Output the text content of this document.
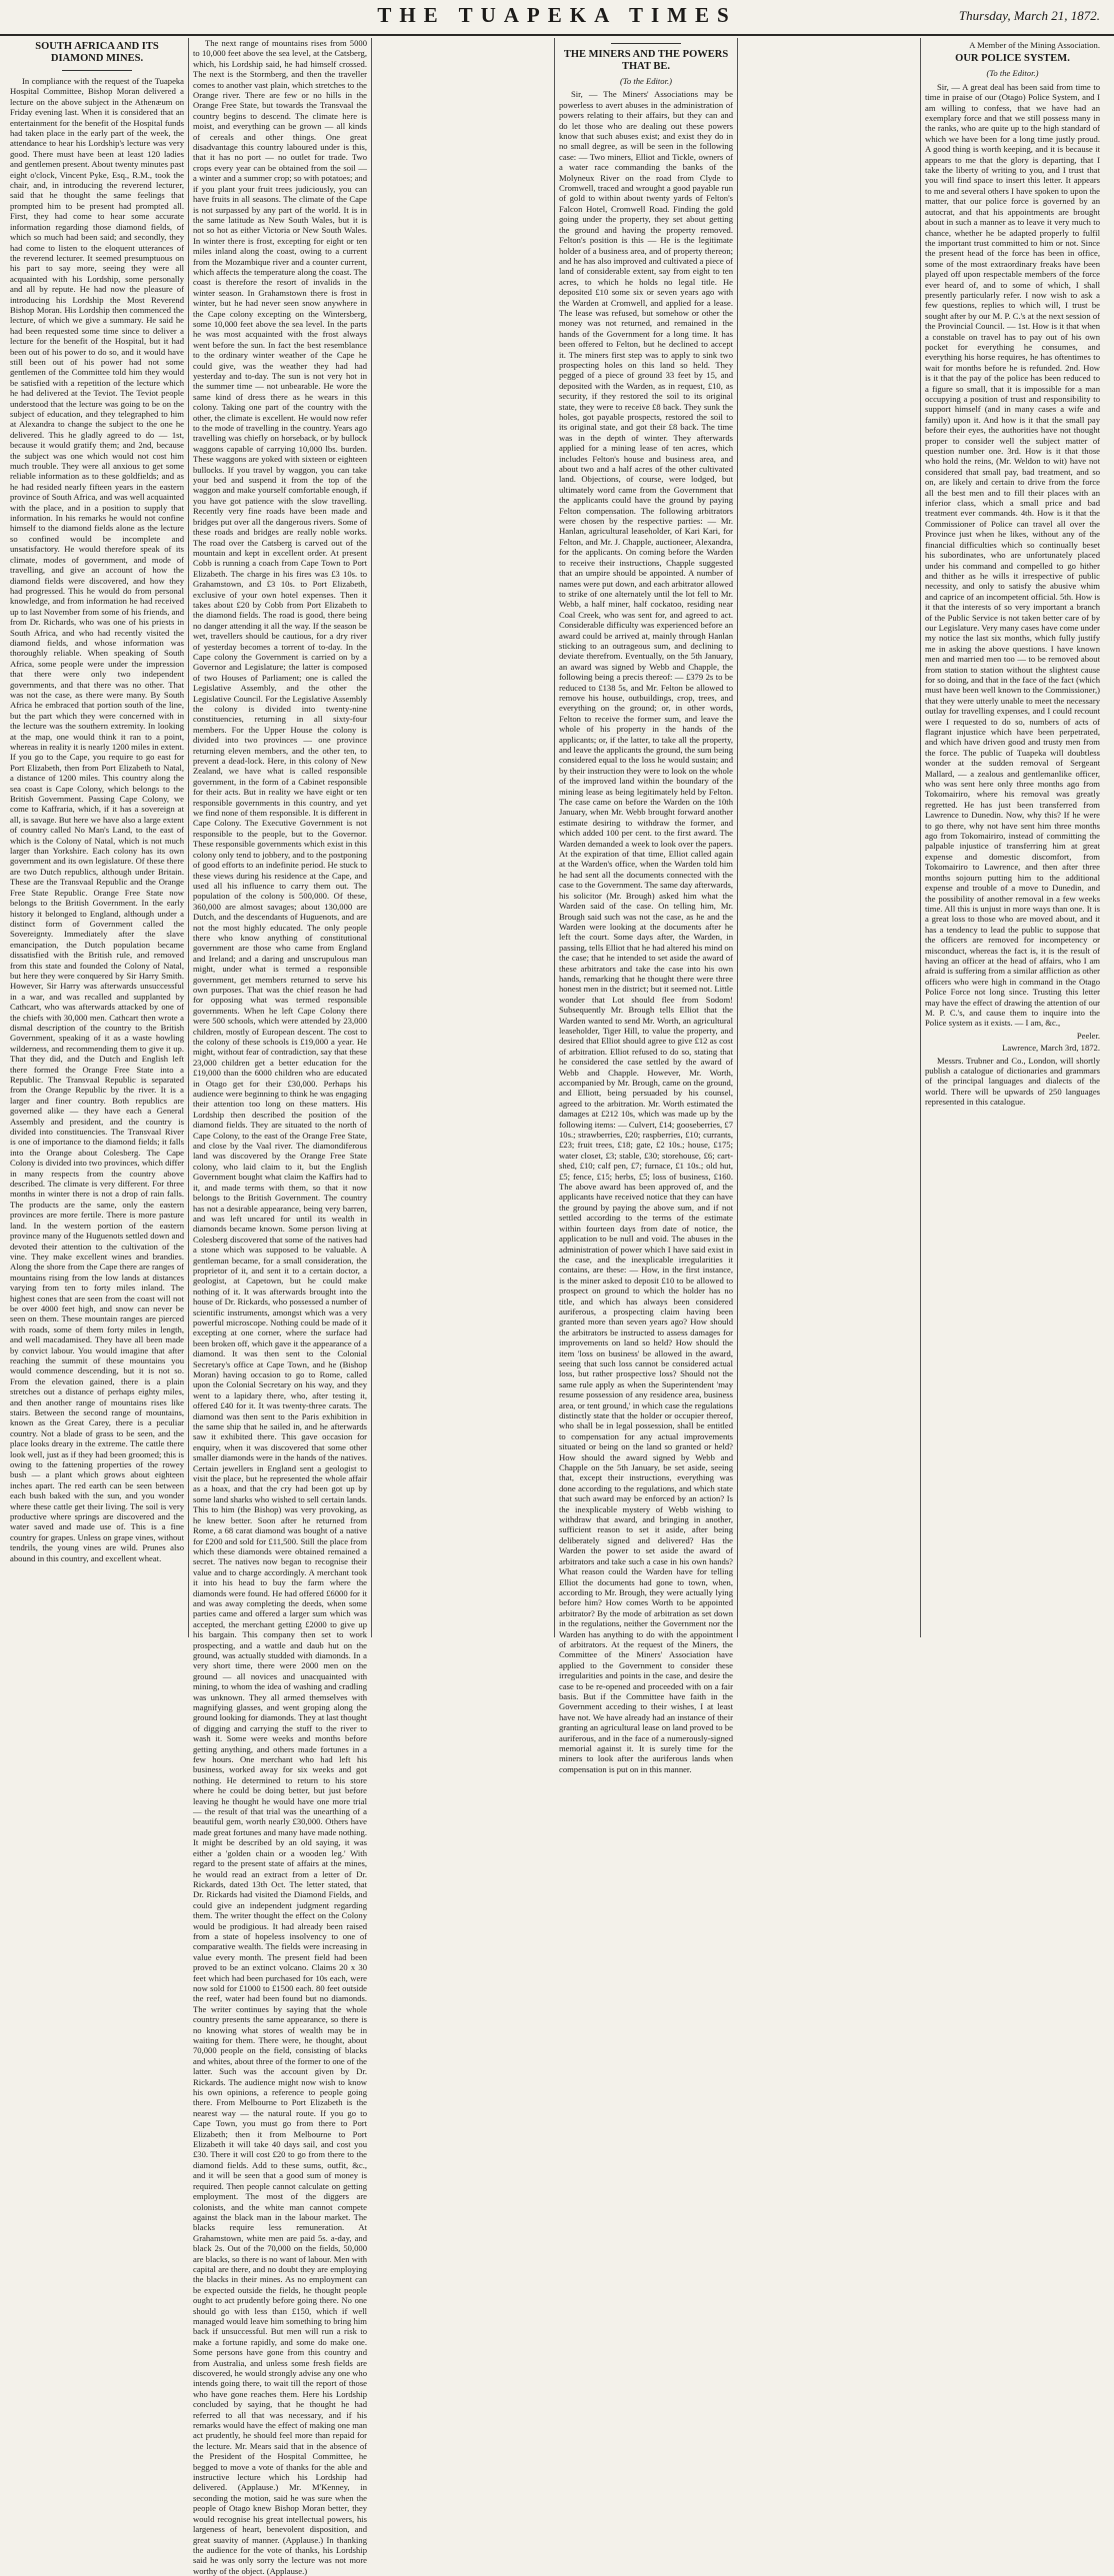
THE TUAPEKA TIMES	Thursday, March 21, 1872.
SOUTH AFRICA AND ITS DIAMOND MINES.

In compliance with the request of the Tuapeka Hospital Committee, Bishop Moran delivered a lecture on the above subject in the Athenæum on Friday evening last. When it is considered that an entertainment for the benefit of the Hospital funds had taken place in the early part of the week, the attendance to hear his Lordship's lecture was very good. There must have been at least 120 ladies and gentlemen present. About twenty minutes past eight o'clock, Vincent Pyke, Esq., R.M., took the chair, and, in introducing the reverend lecturer, said that he thought the same feelings that prompted him to be present had prompted all. First, they had come to hear some accurate information regarding those diamond fields, of which so much had been said; and secondly, they had come to listen to the eloquent utterances of the reverend lecturer. It seemed presumptuous on his part to say more, seeing they were all acquainted with his Lordship, some personally and all by repute. He had now the pleasure of introducing his Lordship the Most Reverend Bishop Moran. His Lordship then commenced the lecture, of which we give a summary. He said he had been requested some time since to deliver a lecture for the benefit of the Hospital, but it had been out of his power to do so, and it would have still been out of his power had not some gentlemen of the Committee told him they would be satisfied with a repetition of the lecture which he had delivered at the Teviot. The Teviot people understood that the lecture was going to be on the subject of education, and they telegraphed to him at Alexandra to change the subject to the one he delivered. This he gladly agreed to do — 1st, because it would gratify them; and 2nd, because the subject was one which would not cost him much trouble. They were all anxious to get some reliable information as to these goldfields; and as he had resided nearly fifteen years in the eastern province of South Africa, and was well acquainted with the place, and in a position to supply that information. In his remarks he would not confine himself to the diamond fields alone as the lecture so confined would be incomplete and unsatisfactory. He would therefore speak of its climate, modes of government, and mode of travelling, and give an account of how the diamond fields were discovered, and how they had progressed. This he would do from personal knowledge, and from information he had received up to last November from some of his friends, and from Dr. Richards, who was one of his priests in South Africa, and who had recently visited the diamond fields, and whose information was thoroughly reliable. When speaking of South Africa, some people were under the impression that there were only two independent governments, and that there was no other. That was not the case, as there were many. By South Africa he embraced that portion south of the line, but the part which they were concerned with in the lecture was the southern extremity. In looking at the map, one would think it ran to a point, whereas in reality it is nearly 1200 miles in extent. If you go to the Cape, you require to go east for Port Elizabeth, then from Port Elizabeth to Natal, a distance of 1200 miles. This country along the sea coast is Cape Colony, which belongs to the British Government. Passing Cape Colony, we come to Kaffraria, which, if it has a sovereign at all, is savage. But here we have also a large extent of country called No Man's Land, to the east of which is the Colony of Natal, which is not much larger than Yorkshire. Each colony has its own government and its own legislature. Of these there are two Dutch republics, although under Britain. These are the Transvaal Republic and the Orange Free State Republic. Orange Free State now belongs to the British Government. In the early history it belonged to England, although under a distinct form of Government called the Sovereignty. Immediately after the slave emancipation, the Dutch population became dissatisfied with the British rule, and removed from this state and founded the Colony of Natal, but here they were conquered by Sir Harry Smith. However, Sir Harry was afterwards unsuccessful in a war, and was recalled and supplanted by Cathcart, who was afterwards attacked by one of the chiefs with 30,000 men. Cathcart then wrote a dismal description of the country to the British Government, speaking of it as a waste howling wilderness, and recommending them to give it up. That they did, and the Dutch and English left there formed the Orange Free State into a Republic. The Transvaal Republic is separated from the Orange Republic by the river. It is a larger and finer country. Both republics are governed alike — they have each a General Assembly and president, and the country is divided into constituencies. The Transvaal River is one of importance to the diamond fields; it falls into the Orange about Colesberg. The Cape Colony is divided into two provinces, which differ in many respects from the country above described. The climate is very different. For three months in winter there is not a drop of rain falls. The products are the same, only the eastern provinces are more fertile. There is more pasture land. In the western portion of the eastern province many of the Huguenots settled down and devoted their attention to the cultivation of the vine. They make excellent wines and brandies. Along the shore from the Cape there are ranges of mountains rising from the low lands at distances varying from ten to forty miles inland. The highest cones that are seen from the coast will not be over 4000 feet high, and snow can never be seen on them. These mountain ranges are pierced with roads, some of them forty miles in length, and well macadamised. They have all been made by convict labour. You would imagine that after reaching the summit of these mountains you would commence descending, but it is not so. From the elevation gained, there is a plain stretches out a distance of perhaps eighty miles, and then another range of mountains rises like stairs. Between the second range of mountains, known as the Great Carey, there is a peculiar country. Not a blade of grass to be seen, and the place looks dreary in the extreme. The cattle there look well, just as if they had been groomed; this is owing to the fattening properties of the rowey bush — a plant which grows about eighteen inches apart. The red earth can be seen between each bush baked with the sun, and you wonder where these cattle get their living. The soil is very productive where springs are discovered and the water saved and made use of. This is a fine country for grapes. Unless on grape vines, without tendrils, the young vines are wild. Prunes also abound in this country, and excellent wheat.

The next range of mountains rises from 5000 to 10,000 feet above the sea level, at the Catsberg, which, his Lordship said, he had himself crossed. The next is the Stormberg, and then the traveller comes to another vast plain, which stretches to the Orange river. There are few or no hills in the Orange Free State, but towards the Transvaal the country begins to descend. The climate here is moist, and everything can be grown — all kinds of cereals and other things. One great disadvantage this country laboured under is this, that it has no port — no outlet for trade. Two crops every year can be obtained from the soil — a winter and a summer crop; so with potatoes; and if you plant your fruit trees judiciously, you can have fruits in all seasons. The climate of the Cape is not surpassed by any part of the world. It is in the same latitude as New South Wales, but it is not so hot as either Victoria or New South Wales. In winter there is frost, excepting for eight or ten miles inland along the coast, owing to a current from the Mozambique river and a counter current, which affects the temperature along the coast. The coast is therefore the resort of invalids in the winter season. In Grahamstown there is frost in winter, but he had never seen snow anywhere in the Cape colony excepting on the Wintersberg, some 10,000 feet above the sea level. In the parts he was most acquainted with the frost always went before the sun. In fact the best resemblance to the ordinary winter weather of the Cape he could give, was the weather they had had yesterday and to-day. The sun is not very hot in the summer time — not unbearable. He wore the same kind of dress there as he wears in this colony. Taking one part of the country with the other, the climate is excellent. He would now refer to the mode of travelling in the country. Years ago travelling was chiefly on horseback, or by bullock waggons capable of carrying 10,000 lbs. burden. These waggons are yoked with sixteen or eighteen bullocks. If you travel by waggon, you can take your bed and suspend it from the top of the waggon and make yourself comfortable enough, if you have got patience with the slow travelling. Recently very fine roads have been made and bridges put over all the dangerous rivers. Some of these roads and bridges are really noble works. The road over the Catsberg is carved out of the mountain and kept in excellent order. At present Cobb is running a coach from Cape Town to Port Elizabeth. The charge in his fires was £3 10s. to Grahamstown, and £3 10s. to Port Elizabeth, exclusive of your own hotel expenses. Then it takes about £20 by Cobb from Port Elizabeth to the diamond fields. The road is good, there being no danger attending it all the way. If the season be wet, travellers should be cautious, for a dry river of yesterday becomes a torrent of to-day. In the Cape colony the Government is carried on by a Governor and Legislature; the latter is composed of two Houses of Parliament; one is called the Legislative Assembly, and the other the Legislative Council. For the Legislative Assembly the colony is divided into twenty-nine constituencies, returning in all sixty-four members. For the Upper House the colony is divided into two provinces — one province returning eleven members, and the other ten, to prevent a dead-lock. Here, in this colony of New Zealand, we have what is called responsible government, in the form of a Cabinet responsible for their acts. But in reality we have eight or ten responsible governments in this country, and yet we find none of them responsible. It is different in Cape Colony. The Executive Government is not responsible to the people, but to the Governor. These responsible governments which exist in this colony only tend to jobbery, and to the postponing of good efforts to an indefinite period. He stuck to these views during his residence at the Cape, and used all his influence to carry them out. The population of the colony is 500,000. Of these, 360,000 are almost savages; about 130,000 are Dutch, and the descendants of Huguenots, and are not the most highly educated. The only people there who know anything of constitutional government are those who came from England and Ireland; and a daring and unscrupulous man might, under what is termed a responsible government, get members returned to serve his own purposes. That was the chief reason he had for opposing what was termed responsible governments. When he left Cape Colony there were 500 schools, which were attended by 23,000 children, mostly of European descent. The cost to the colony of these schools is £19,000 a year. He might, without fear of contradiction, say that these 23,000 children get a better education for the £19,000 than the 6000 children who are educated in Otago get for their £30,000. Perhaps his audience were beginning to think he was engaging their attention too long on these matters. His Lordship then described the position of the diamond fields. They are situated to the north of Cape Colony, to the east of the Orange Free State, and close by the Vaal river. The diamondiferous land was discovered by the Orange Free State colony, who laid claim to it, but the English Government bought what claim the Kaffirs had to it, and made terms with them, so that it now belongs to the British Government. The country has not a desirable appearance, being very barren, and was left uncared for until its wealth in diamonds became known. Some person living at Colesberg discovered that some of the natives had a stone which was supposed to be valuable. A gentleman became, for a small consideration, the proprietor of it, and sent it to a certain doctor, a geologist, at Capetown, but he could make nothing of it. It was afterwards brought into the house of Dr. Rickards, who possessed a number of scientific instruments, amongst which was a very powerful microscope. Nothing could be made of it excepting at one corner, where the surface had been broken off, which gave it the appearance of a diamond. It was then sent to the Colonial Secretary's office at Cape Town, and he (Bishop Moran) having occasion to go to Rome, called upon the Colonial Secretary on his way, and they went to a lapidary there, who, after testing it, offered £40 for it. It was twenty-three carats. The diamond was then sent to the Paris exhibition in the same ship that he sailed in, and he afterwards saw it exhibited there. This gave occasion for enquiry, when it was discovered that some other smaller diamonds were in the hands of the natives. Certain jewellers in England sent a geologist to visit the place, but he represented the whole affair as a hoax, and that the cry had been got up by some land sharks who wished to sell certain lands. This to him (the Bishop) was very provoking, as he knew better. Soon after he returned from Rome, a 68 carat diamond was bought of a native for £200 and sold for £11,500. Still the place from which these diamonds were obtained remained a secret. The natives now began to recognise their value and to charge accordingly. A merchant took it into his head to buy the farm where the diamonds were found. He had offered £6000 for it and was away completing the deeds, when some parties came and offered a larger sum which was accepted, the merchant getting £2000 to give up his bargain. This company then set to work prospecting, and a wattle and daub hut on the ground, was actually studded with diamonds. In a very short time, there were 2000 men on the ground — all novices and unacquainted with mining, to whom the idea of washing and cradling was unknown. They all armed themselves with magnifying glasses, and went groping along the ground looking for diamonds. They at last thought of digging and carrying the stuff to the river to wash it. Some were weeks and months before getting anything, and others made fortunes in a few hours. One merchant who had left his business, worked away for six weeks and got nothing. He determined to return to his store where he could be doing better, but just before leaving he thought he would have one more trial — the result of that trial was the unearthing of a beautiful gem, worth nearly £30,000. Others have made great fortunes and many have made nothing. It might be described by an old saying, it was either a 'golden chain or a wooden leg.' With regard to the present state of affairs at the mines, he would read an extract from a letter of Dr. Rickards, dated 13th Oct. The letter stated, that Dr. Rickards had visited the Diamond Fields, and could give an independent judgment regarding them. The writer thought the effect on the Colony would be prodigious. It had already been raised from a state of hopeless insolvency to one of comparative wealth. The fields were increasing in value every month. The present field had been proved to be an extinct volcano. Claims 20 x 30 feet which had been purchased for 10s each, were now sold for £1000 to £1500 each. 80 feet outside the reef, water had been found but no diamonds. The writer continues by saying that the whole country presents the same appearance, so there is no knowing what stores of wealth may be in waiting for them. There were, he thought, about 70,000 people on the field, consisting of blacks and whites, about three of the former to one of the latter. Such was the account given by Dr. Rickards. The audience might now wish to know his own opinions, a reference to people going there. From Melbourne to Port Elizabeth is the nearest way — the natural route. If you go to Cape Town, you must go from there to Port Elizabeth; then it from Melbourne to Port Elizabeth it will take 40 days sail, and cost you £30. There it will cost £20 to go from there to the diamond fields. Add to these sums, outfit, &c., and it will be seen that a good sum of money is required. Then people cannot calculate on getting employment. The most of the diggers are colonists, and the white man cannot compete against the black man in the labour market. The blacks require less remuneration. At Grahamstown, white men are paid 5s. a-day, and black 2s. Out of the 70,000 on the fields, 50,000 are blacks, so there is no want of labour. Men with capital are there, and no doubt they are employing the blacks in their mines. As no employment can be expected outside the fields, he thought people ought to act prudently before going there. No one should go with less than £150, which if well managed would leave him something to bring him back if unsuccessful. But men will run a risk to make a fortune rapidly, and some do make one. Some persons have gone from this country and from Australia, and unless some fresh fields are discovered, he would strongly advise any one who intends going there, to wait till the report of those who have gone reaches them. Here his Lordship concluded by saying, that he thought he had referred to all that was necessary, and if his remarks would have the effect of making one man act prudently, he should feel more than repaid for the lecture. Mr. Mears said that in the absence of the President of the Hospital Committee, he begged to move a vote of thanks for the able and instructive lecture which his Lordship had delivered. (Applause.) Mr. M'Kenney, in seconding the motion, said he was sure when the people of Otago knew Bishop Moran better, they would recognise his great intellectual powers, his largeness of heart, benevolent disposition, and great suavity of manner. (Applause.) In thanking the audience for the vote of thanks, his Lordship said he was only sorry the lecture was not more worthy of the object. (Applause.)

THE MINERS AND THE POWERS THAT BE.
(To the Editor.)

Sir, — The Miners' Associations may be powerless to avert abuses in the administration of powers relating to their affairs, but they can and do let those who are dealing out these powers know that such abuses exist; and exist they do in no small degree, as will be seen in the following case: — Two miners, Elliot and Tickle, owners of a water race commanding the banks of the Molyneux River on the road from Clyde to Cromwell, traced and wrought a good payable run of gold to within about twenty yards of Felton's Falcon Hotel, Cromwell Road. Finding the gold going under the property, they set about getting the ground and having the property removed. Felton's position is this — He is the legitimate holder of a business area, and of property thereon; and he has also improved and cultivated a piece of land of considerable extent, say from eight to ten acres, to which he holds no legal title. He deposited £10 some six or seven years ago with the Warden at Cromwell, and applied for a lease. The lease was refused, but somehow or other the money was not returned, and remained in the hands of the Government for a long time. It has been offered to Felton, but he declined to accept it. The miners first step was to apply to sink two prospecting holes on this land so held. They pegged of a piece of ground 33 feet by 15, and deposited with the Warden, as in request, £10, as security, if they restored the soil to its original state, they were to receive £8 back. They sunk the holes, got payable prospects, restored the soil to its original state, and got their £8 back. The time was in the depth of winter. They afterwards applied for a mining lease of ten acres, which includes Felton's house and business area, and about two and a half acres of the other cultivated land. Objections, of course, were lodged, but ultimately word came from the Government that the applicants could have the ground by paying Felton compensation. The following arbitrators were chosen by the respective parties: — Mr. Hanlan, agricultural leaseholder, of Kari Kari, for Felton, and Mr. J. Chapple, auctioneer, Alexandra, for the applicants. On coming before the Warden to receive their instructions, Chapple suggested that an umpire should be appointed. A number of names were put down, and each arbitrator allowed to strike of one alternately until the lot fell to Mr. Webb, a half miner, half cockatoo, residing near Coal Creek, who was sent for, and agreed to act. Considerable difficulty was experienced before an award could be arrived at, mainly through Hanlan sticking to an outrageous sum, and declining to deviate therefrom. Eventually, on the 5th January, an award was signed by Webb and Chapple, the following being a precis thereof: — £379 2s to be reduced to £138 5s, and Mr. Felton be allowed to remove his house, outbuildings, crop, trees, and everything on the ground; or, in other words, Felton to receive the former sum, and leave the whole of his property in the hands of the applicants; or, if the latter, to take all the property, and leave the applicants the ground, the sum being considered equal to the loss he would sustain; and by their instruction they were to look on the whole of the improved land within the boundary of the mining lease as being legitimately held by Felton. The case came on before the Warden on the 10th January, when Mr. Webb brought forward another estimate desiring to withdraw the former, and which added 100 per cent. to the first award. The Warden demanded a week to look over the papers. At the expiration of that time, Elliot called again at the Warden's office, when the Warden told him he had sent all the documents connected with the case to the Government. The same day afterwards, his solicitor (Mr. Brough) asked him what the Warden said of the case. On telling him, Mr. Brough said such was not the case, as he and the Warden were looking at the documents after he left the court. Some days after, the Warden, in passing, tells Elliot that he had altered his mind on the case; that he intended to set aside the award of these arbitrators and take the case into his own hands, remarking that he thought there were three honest men in the district; but it seemed not. Little wonder that Lot should flee from Sodom! Subsequently Mr. Brough tells Elliot that the Warden wanted to send Mr. Worth, an agricultural leaseholder, Tiger Hill, to value the property, and desired that Elliot should agree to give £12 as cost of arbitration. Elliot refused to do so, stating that he considered the case settled by the award of Webb and Chapple. However, Mr. Worth, accompanied by Mr. Brough, came on the ground, and Elliott, being persuaded by his counsel, agreed to the arbitration. Mr. Worth estimated the damages at £212 10s, which was made up by the following items: — Culvert, £14; gooseberries, £7 10s.; strawberries, £20; raspberries, £10; currants, £23; fruit trees, £18; gate, £2 10s.; house, £175; water closet, £3; stable, £30; storehouse, £6; cart-shed, £10; calf pen, £7; furnace, £1 10s.; old hut, £5; fence, £15; herbs, £5; loss of business, £160. The above award has been approved of, and the applicants have received notice that they can have the ground by paying the above sum, and if not settled according to the terms of the estimate within fourteen days from date of notice, the application to be null and void. The abuses in the administration of power which I have said exist in the case, and the inexplicable irregularities it contains, are these: — How, in the first instance, is the miner asked to deposit £10 to be allowed to prospect on ground to which the holder has no title, and which has always been considered auriferous, a prospecting claim having been granted more than seven years ago? How should the arbitrators be instructed to assess damages for improvements on land so held? How should the item 'loss on business' be allowed in the award, seeing that such loss cannot be considered actual loss, but rather prospective loss? Should not the same rule apply as when the Superintendent 'may resume possession of any residence area, business area, or tent ground,' in which case the regulations distinctly state that the holder or occupier thereof, who shall be in legal possession, shall be entitled to compensation for any actual improvements situated or being on the land so granted or held? How should the award signed by Webb and Chapple on the 5th January, be set aside, seeing that, except their instructions, everything was done according to the regulations, and which state that such award may be enforced by an action? Is the inexplicable mystery of Webb wishing to withdraw that award, and bringing in another, sufficient reason to set it aside, after being deliberately signed and delivered? Has the Warden the power to set aside the award of arbitrators and take such a case in his own hands? What reason could the Warden have for telling Elliot the documents had gone to town, when, according to Mr. Brough, they were actually lying before him? How comes Worth to be appointed arbitrator? By the mode of arbitration as set down in the regulations, neither the Government nor the Warden has anything to do with the appointment of arbitrators. At the request of the Miners, the Committee of the Miners' Association have applied to the Government to consider these irregularities and points in the case, and desire the case to be re-opened and proceeded with on a fair basis. But if the Committee have faith in the Government acceding to their wishes, I at least have not. We have already had an instance of their granting an agricultural lease on land proved to be auriferous, and in the face of a numerously-signed memorial against it. It is surely time for the miners to look after the auriferous lands when compensation is put on in this manner.

A Member of the Mining Association.
OUR POLICE SYSTEM.
(To the Editor.)

Sir, — A great deal has been said from time to time in praise of our (Otago) Police System, and I am willing to confess, that we have had an exemplary force and that we still possess many in the ranks, who are quite up to the high standard of which we have been for a long time justly proud. A good thing is worth keeping, and it is because it appears to me that the glory is departing, that I take the liberty of writing to you, and I trust that you will find space to insert this letter. It appears to me and several others I have spoken to upon the matter, that our police force is governed by an autocrat, and that his appointments are brought about in such a manner as to leave it very much to chance, whether he be adapted properly to fulfil the important trust committed to him or not. Since the present head of the force has been in office, some of the most extraordinary freaks have been played off upon respectable members of the force ever heard of, and to some of which, I shall presently particularly refer. I now wish to ask a few questions, replies to which will, I trust be sought after by our M. P. C.'s at the next session of the Provincial Council. — 1st. How is it that when a constable on travel has to pay out of his own pocket for everything he consumes, and everything his horse requires, he has oftentimes to wait for months before he is refunded. 2nd. How is it that the pay of the police has been reduced to a figure so small, that it is impossible for a man occupying a position of trust and responsibility to support himself (and in many cases a wife and family) upon it. And how is it that the small pay before their eyes, the authorities have not thought proper to consider well the subject matter of question number one. 3rd. How is it that those who hold the reins, (Mr. Weldon to wit) have not considered that small pay, bad treatment, and so on, are likely and certain to drive from the force all the best men and to fill their places with an inferior class, which a small price and bad treatment ever commands. 4th. How is it that the Commissioner of Police can travel all over the Province just when he likes, without any of the financial difficulties which so continually beset his subordinates, who are unfortunately placed under his command and compelled to go hither and thither as he wills it irrespective of public necessity, and only to satisfy the abusive whim and caprice of an incompetent official. 5th. How is it that the interests of so very important a branch of the Public Service is not taken better care of by our Legislature. Very many cases have come under my notice the last six months, which fully justify me in asking the above questions. I have known men and married men too — to be removed about from station to station without the slightest cause for so doing, and that in the face of the fact (which must have been well known to the Commissioner,) that they were utterly unable to meet the necessary outlay for travelling expenses, and I could recount were I requested to do so, numbers of acts of flagrant injustice which have been perpetrated, and which have driven good and trusty men from the force. The public of Tuapeka will doubtless wonder at the sudden removal of Sergeant Mallard, — a zealous and gentlemanlike officer, who was sent here only three months ago from Tokomairiro, where his removal was greatly regretted. He has just been transferred from Lawrence to Dunedin. Now, why this? If he were to go there, why not have sent him three months ago from Tokomairiro, instead of committing the palpable injustice of transferring him at great expense and domestic discomfort, from Tokomairiro to Lawrence, and then after three months sojourn putting him to the additional expense and trouble of a move to Dunedin, and the possibility of another removal in a few weeks time. All this is unjust in more ways than one. It is a great loss to those who are moved about, and it has a tendency to lead the public to suppose that the officers are removed for incompetency or misconduct, whereas the fact is, it is the result of having an officer at the head of affairs, who I am afraid is suffering from a similar affliction as other officers who were high in command in the Otago Police Force not long since. Trusting this letter may have the effect of drawing the attention of our M. P. C.'s, and cause them to inquire into the Police system as it exists. — I am, &c.,

Peeler.
Lawrence, March 3rd, 1872.

Messrs. Trubner and Co., London, will shortly publish a catalogue of dictionaries and grammars of the principal languages and dialects of the world. There will be upwards of 250 languages represented in this catalogue.
